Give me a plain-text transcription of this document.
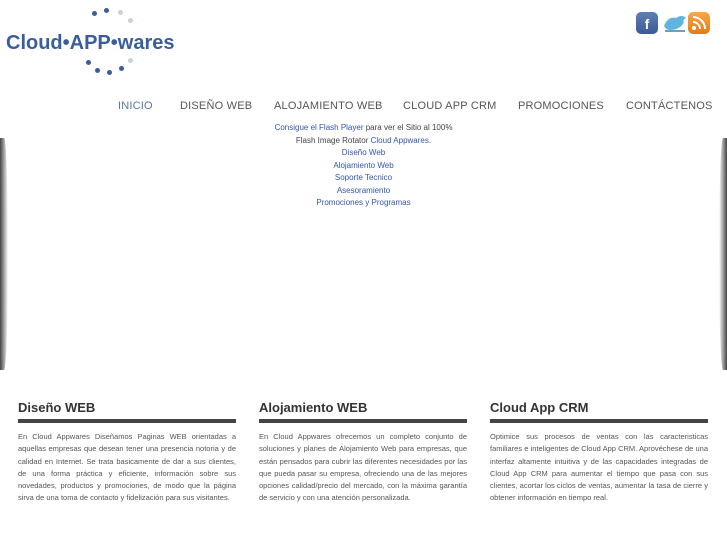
Cloud•APP•wares
f
INICIO DISEÑO WEB ALOJAMIENTO WEB CLOUD APP CRM PROMOCIONES CONTÁCTENOS
Consigue el Flash Player para ver el Sitio al 100%
Flash Image Rotator Cloud Appwares.
Diseño Web
Alojamiento Web
Soporte Tecnico
Asesoramiento
Promociones y Programas
Diseño WEB

En Cloud Appwares Diseñamos Paginas WEB orientadas a aquellas empresas que desean tener una presencia notoria y de calidad en Internet. Se trata basicamente de dar a sus clientes, de una forma práctica y eficiente, información sobre sus novedades, productos y promociones, de modo que la página sirva de una toma de contacto y fidelización para sus visitantes.

Alojamiento WEB

En Cloud Appwares ofrecemos un completo conjunto de soluciones y planes de Alojamiento Web para empresas, que están pensados para cubrir las diferentes necesidades por las que pueda pasar su empresa, ofreciendo una de las mejores opciones calidad/precio del mercado, con la máxima garantía de servicio y con una atención personalizada.

Cloud App CRM

Optimice sus procesos de ventas con las caracteristicas familiares e inteligentes de Cloud App CRM. Aprovéchese de una interfaz altamente intuitiva y de las capacidades integradas de Cloud App CRM para aumentar el tiempo que pasa con sus clientes, acortar los ciclos de ventas, aumentar la tasa de cierre y obtener información en tiempo real.
